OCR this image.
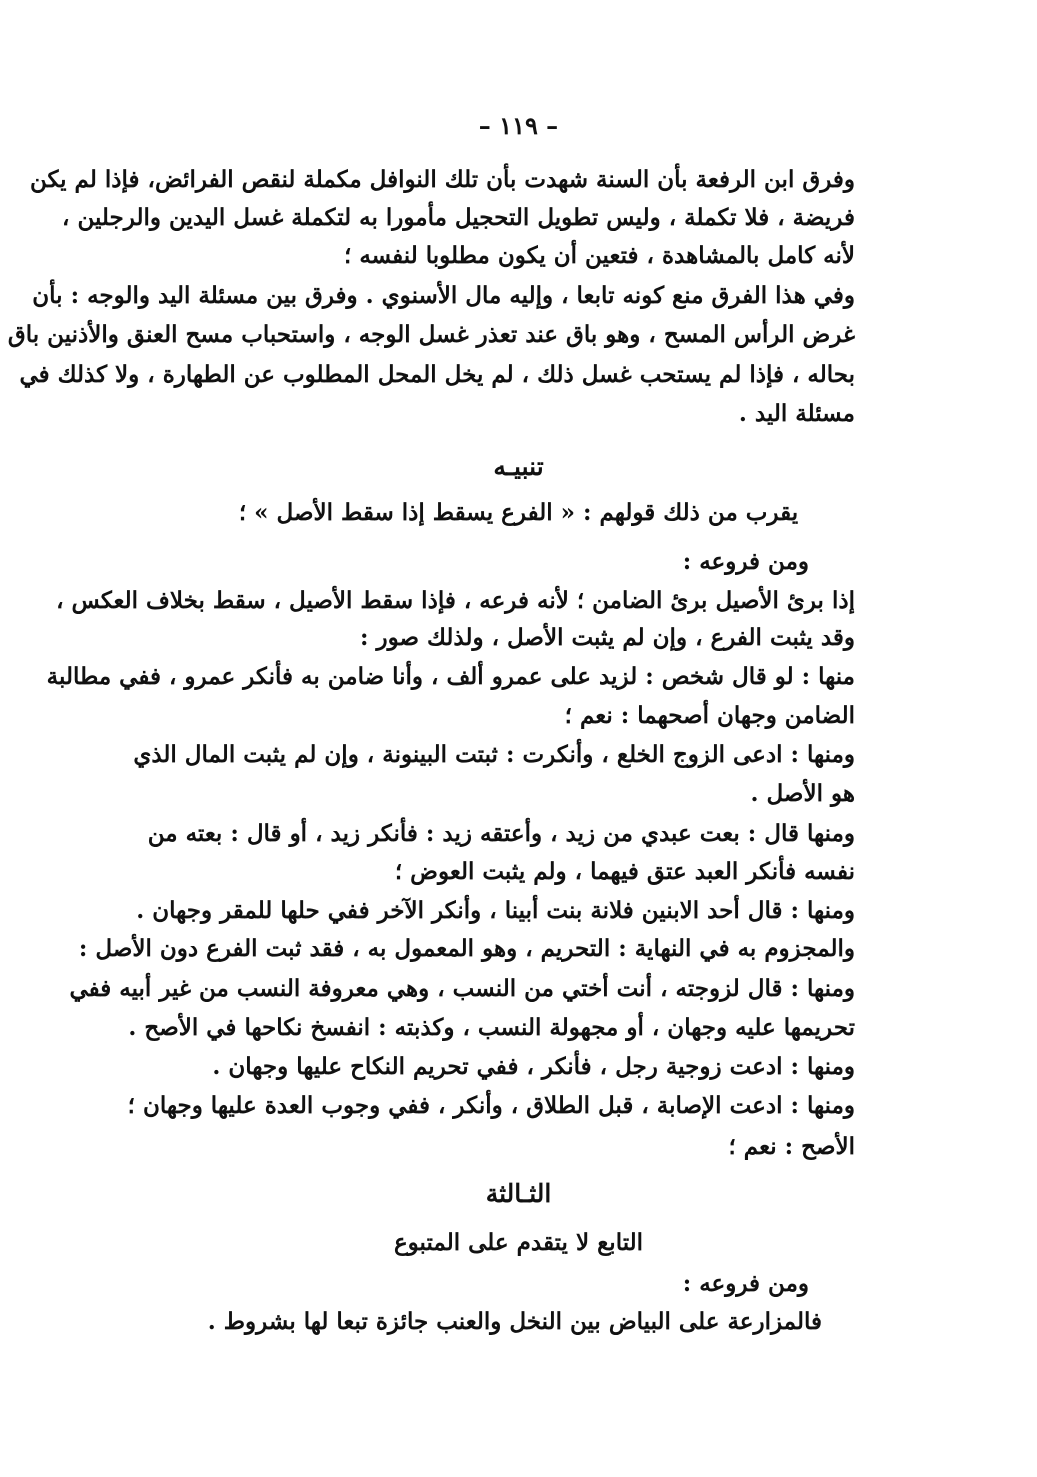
– ١١٩ –
وفرق ابن الرفعة بأن السنة شهدت بأن تلك النوافل مكملة لنقص الفرائض، فإذا لم يكن
فريضة ، فلا تكملة ، وليس تطويل التحجيل مأمورا به لتكملة غسل اليدين والرجلين ،
لأنه كامل بالمشاهدة ، فتعين أن يكون مطلوبا لنفسه ؛
وفي هذا الفرق منع كونه تابعا ، وإليه مال الأسنوي . وفرق بين مسئلة اليد والوجه : بأن
غرض الرأس المسح ، وهو باق عند تعذر غسل الوجه ، واستحباب مسح العنق والأذنين باق
بحاله ، فإذا لم يستحب غسل ذلك ، لم يخل المحل المطلوب عن الطهارة ، ولا كذلك في
مسئلة اليد .
تنبيـه
يقرب من ذلك قولهم : « الفرع يسقط إذا سقط الأصل » ؛
ومن فروعه :
إذا برئ الأصيل برئ الضامن ؛ لأنه فرعه ، فإذا سقط الأصيل ، سقط بخلاف العكس ،
وقد يثبت الفرع ، وإن لم يثبت الأصل ، ولذلك صور :
منها : لو قال شخص : لزيد على عمرو ألف ، وأنا ضامن به فأنكر عمرو ، ففي مطالبة
الضامن وجهان أصحهما : نعم ؛
ومنها : ادعى الزوج الخلع ، وأنكرت : ثبتت البينونة ، وإن لم يثبت المال الذي
هو الأصل .
ومنها قال : بعت عبدي من زيد ، وأعتقه زيد : فأنكر زيد ، أو قال : بعته من
نفسه فأنكر العبد عتق فيهما ، ولم يثبت العوض ؛
ومنها : قال أحد الابنين فلانة بنت أبينا ، وأنكر الآخر ففي حلها للمقر وجهان .
والمجزوم به في النهاية : التحريم ، وهو المعمول به ، فقد ثبت الفرع دون الأصل :
ومنها : قال لزوجته ، أنت أختي من النسب ، وهي معروفة النسب من غير أبيه ففي
تحريمها عليه وجهان ، أو مجهولة النسب ، وكذبته : انفسخ نكاحها في الأصح .
ومنها : ادعت زوجية رجل ، فأنكر ، ففي تحريم النكاح عليها وجهان .
ومنها : ادعت الإصابة ، قبل الطلاق ، وأنكر ، ففي وجوب العدة عليها وجهان ؛
الأصح : نعم ؛
الثـالثة
التابع لا يتقدم على المتبوع
ومن فروعه :
فالمزارعة على البياض بين النخل والعنب جائزة تبعا لها بشروط .
